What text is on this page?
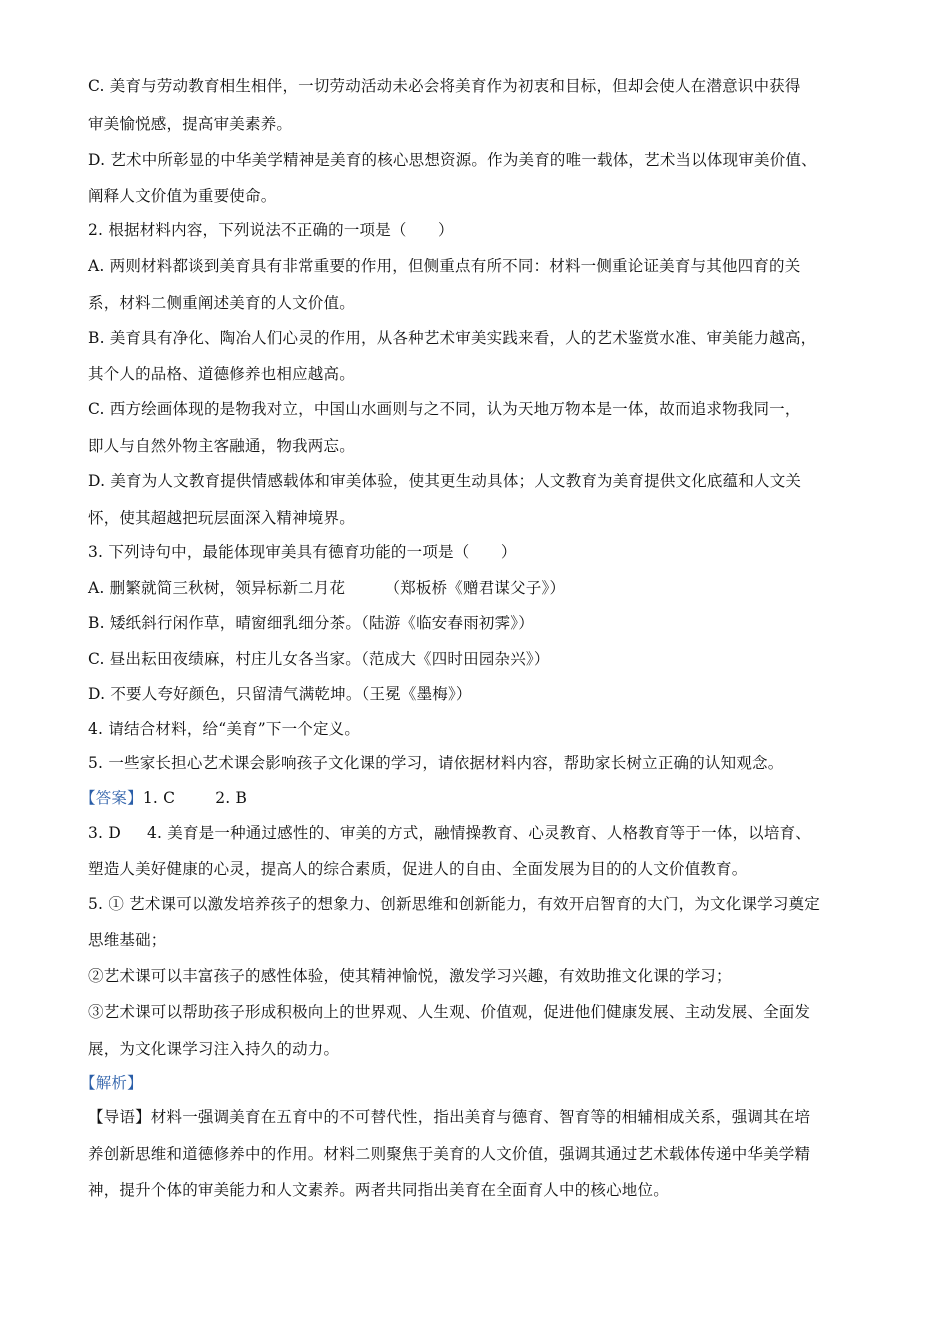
C. 美育与劳动教育相生相伴，一切劳动活动未必会将美育作为初衷和目标，但却会使人在潜意识中获得
审美愉悦感，提高审美素养。
D. 艺术中所彰显的中华美学精神是美育的核心思想资源。作为美育的唯一载体，艺术当以体现审美价值、
阐释人文价值为重要使命。
2. 根据材料内容，下列说法不正确的一项是（　　）
A. 两则材料都谈到美育具有非常重要的作用，但侧重点有所不同：材料一侧重论证美育与其他四育的关
系，材料二侧重阐述美育的人文价值。
B. 美育具有净化、陶冶人们心灵的作用，从各种艺术审美实践来看，人的艺术鉴赏水准、审美能力越高，
其个人的品格、道德修养也相应越高。
C. 西方绘画体现的是物我对立，中国山水画则与之不同，认为天地万物本是一体，故而追求物我同一，
即人与自然外物主客融通，物我两忘。
D. 美育为人文教育提供情感载体和审美体验，使其更生动具体；人文教育为美育提供文化底蕴和人文关
怀，使其超越把玩层面深入精神境界。
3. 下列诗句中，最能体现审美具有德育功能的一项是（　　）
A. 删繁就简三秋树，领异标新二月花　　　（郑板桥《赠君谋父子》）
B. 矮纸斜行闲作草，晴窗细乳细分茶。（陆游《临安春雨初霁》）
C. 昼出耘田夜绩麻，村庄儿女各当家。（范成大《四时田园杂兴》）
D. 不要人夸好颜色，只留清气满乾坤。（王冕《墨梅》）
4. 请结合材料，给“美育”下一个定义。
5. 一些家长担心艺术课会影响孩子文化课的学习，请依据材料内容，帮助家长树立正确的认知观念。
【答案】1. C	2. B
3. D 4. 美育是一种通过感性的、审美的方式，融情操教育、心灵教育、人格教育等于一体，以培育、
塑造人美好健康的心灵，提高人的综合素质，促进人的自由、全面发展为目的的人文价值教育。
5. ① 艺术课可以激发培养孩子的想象力、创新思维和创新能力，有效开启智育的大门，为文化课学习奠定
思维基础；
②艺术课可以丰富孩子的感性体验，使其精神愉悦，激发学习兴趣，有效助推文化课的学习；
③艺术课可以帮助孩子形成积极向上的世界观、人生观、价值观，促进他们健康发展、主动发展、全面发
展，为文化课学习注入持久的动力。
【解析】
【导语】材料一强调美育在五育中的不可替代性，指出美育与德育、智育等的相辅相成关系，强调其在培
养创新思维和道德修养中的作用。材料二则聚焦于美育的人文价值，强调其通过艺术载体传递中华美学精
神，提升个体的审美能力和人文素养。两者共同指出美育在全面育人中的核心地位。
